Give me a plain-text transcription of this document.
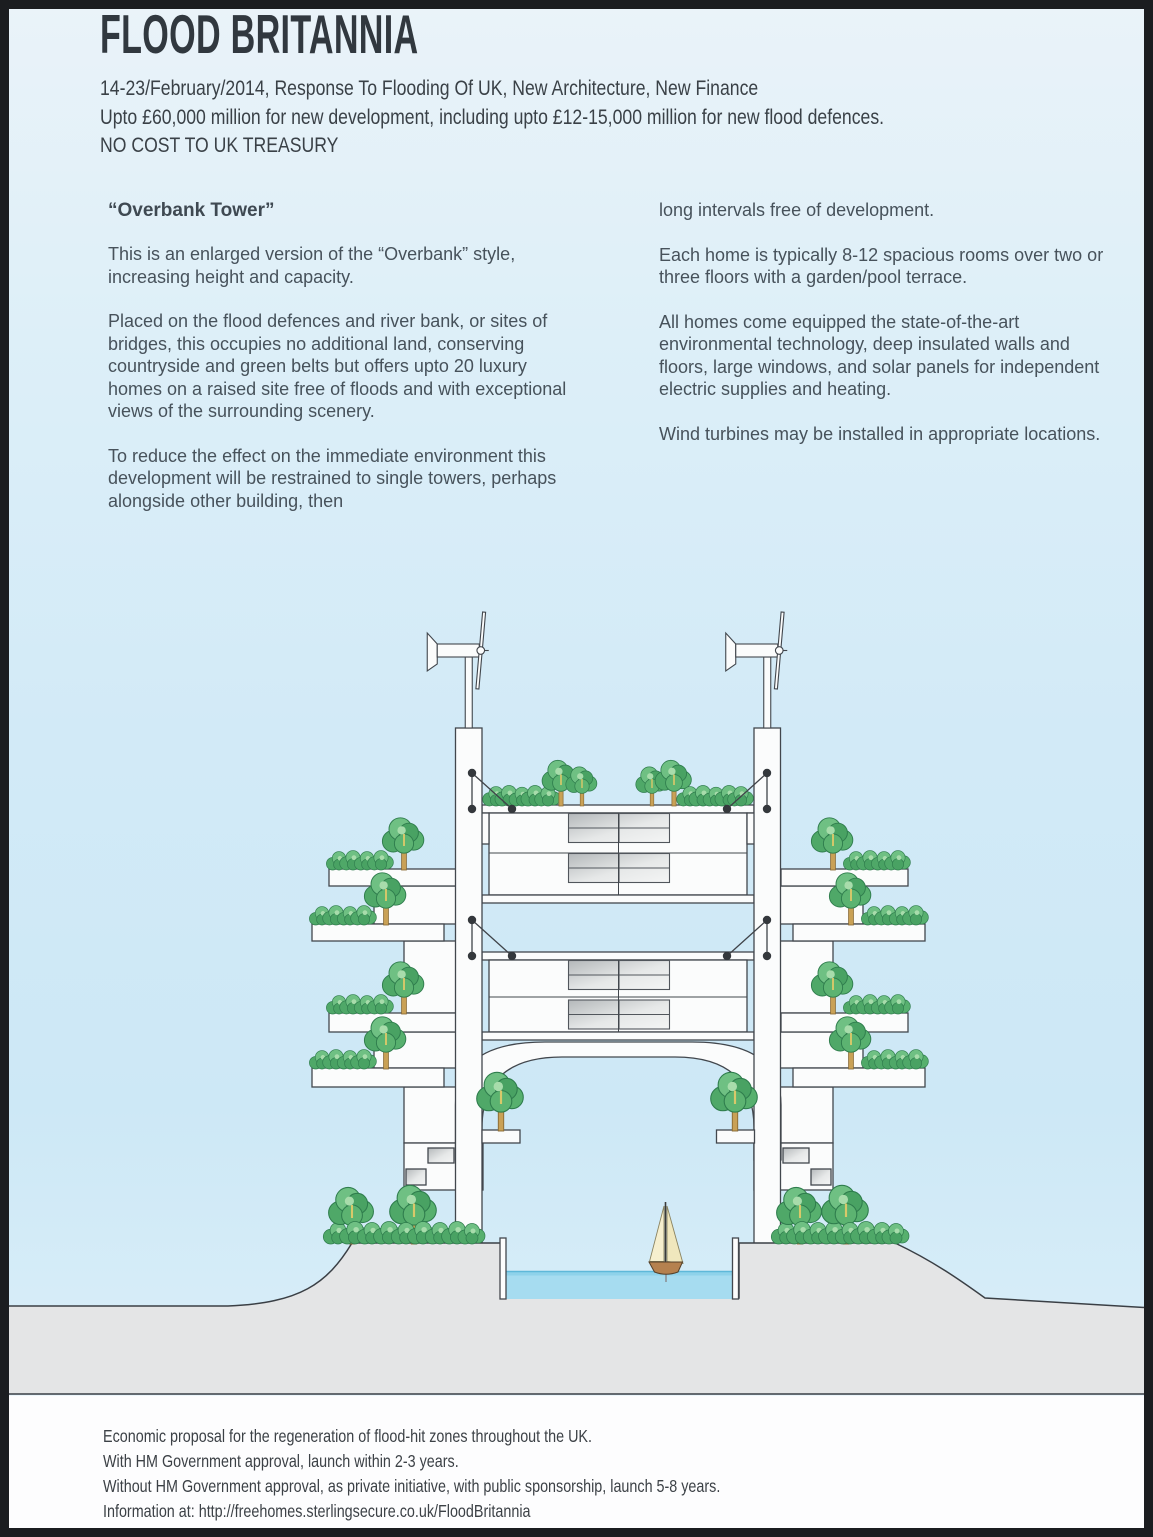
FLOOD BRITANNIA
14-23/February/2014, Response To Flooding Of UK, New Architecture, New Finance
Upto £60,000 million for new development, including upto £12-15,000 million for new flood defences.
NO COST TO UK TREASURY
“Overbank Tower”

This is an enlarged version of the “Overbank” style, increasing height and capacity.

Placed on the flood defences and river bank, or sites of bridges, this occupies no additional land, conserving countryside and green belts but offers upto 20 luxury homes on a raised site free of floods and with exceptional views of the surrounding scenery.

To reduce the effect on the immediate environment this development will be restrained to single towers, perhaps alongside other building, then

long intervals free of development.

Each home is typically 8-12 spacious rooms over two or three floors with a garden/pool terrace.

All homes come equipped the state-of-the-art environmental technology, deep insulated walls and floors, large windows, and solar panels for independent electric supplies and heating.

Wind turbines may be installed in appropriate locations.

Economic proposal for the regeneration of flood-hit zones throughout the UK.
With HM Government approval, launch within 2-3 years.
Without HM Government approval, as private initiative, with public sponsorship, launch 5-8 years.
Information at: http://freehomes.sterlingsecure.co.uk/FloodBritannia
